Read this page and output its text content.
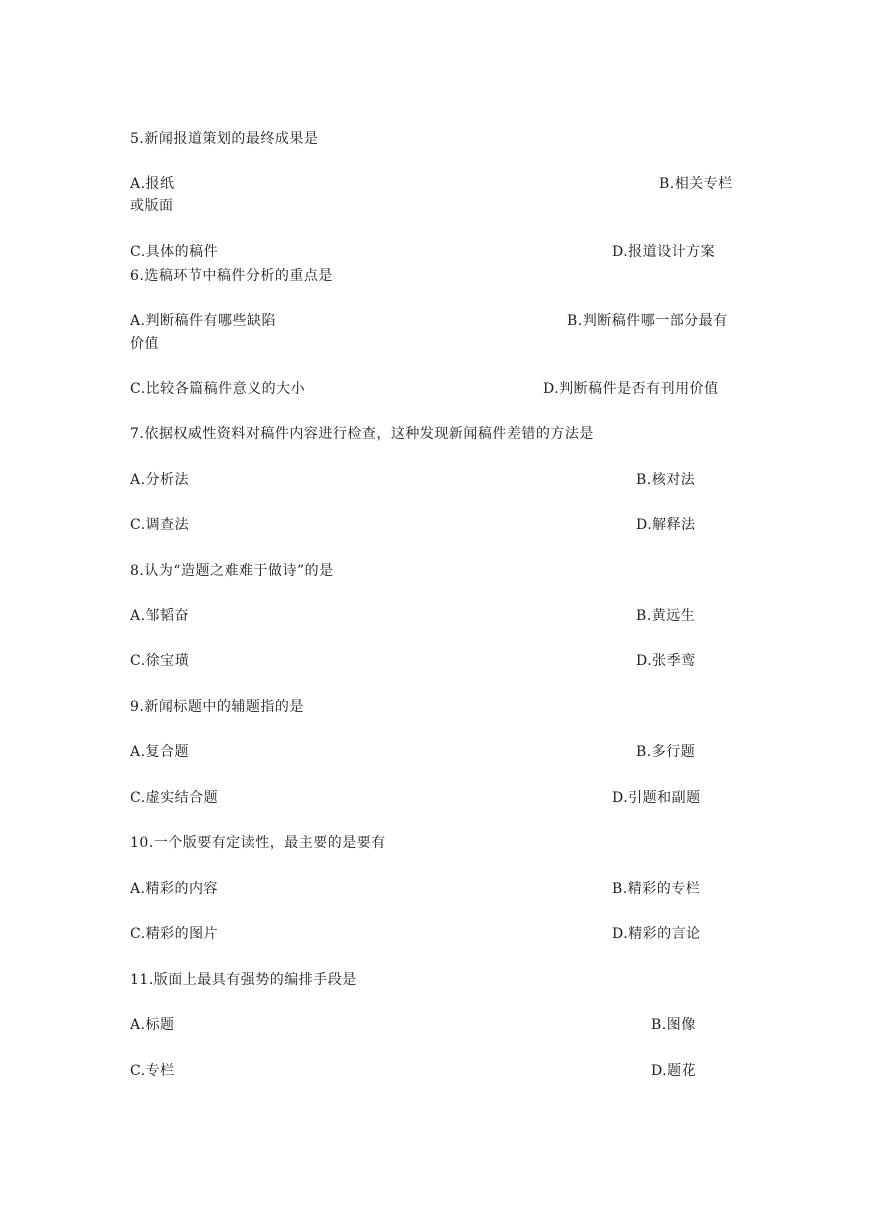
5.新闻报道策划的最终成果是
A.报纸	B.相关专栏
或版面
C.具体的稿件	D.报道设计方案
6.选稿环节中稿件分析的重点是
A.判断稿件有哪些缺陷	B.判断稿件哪一部分最有
价值
C.比较各篇稿件意义的大小	D.判断稿件是否有刊用价值
7.依据权威性资料对稿件内容进行检查，这种发现新闻稿件差错的方法是
A.分析法	B.核对法
C.调查法	D.解释法
8.认为“造题之难难于做诗”的是
A.邹韬奋	B.黄远生
C.徐宝璜	D.张季鸾
9.新闻标题中的辅题指的是
A.复合题	B.多行题
C.虚实结合题	D.引题和副题
10.一个版要有定读性，最主要的是要有
A.精彩的内容	B.精彩的专栏
C.精彩的图片	D.精彩的言论
11.版面上最具有强势的编排手段是
A.标题	B.图像
C.专栏	D.题花
